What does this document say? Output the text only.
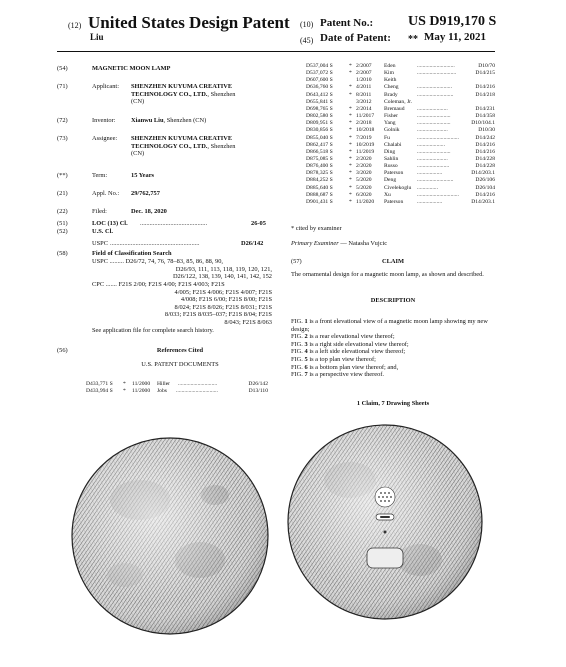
(12) United States Design Patent
Liu
(10) Patent No.: US D919,170 S
(45) Date of Patent: ** May 11, 2021
(54)	MAGNETIC MOON LAMP
(71)	Applicant: SHENZHEN KUYUMA CREATIVE
TECHNOLOGY CO., LTD., Shenzhen
(CN)
(72)	Inventor: Xianwu Liu, Shenzhen (CN)
(73)	Assignee: SHENZHEN KUYUMA CREATIVE
TECHNOLOGY CO., LTD., Shenzhen
(CN)
(**)	Term:	15 Years
(21)	Appl. No.: 29/762,757
(22)	Filed:	Dec. 18, 2020
(51)	LOC (13) Cl. ..........................................	26-05
(52)	U.S. Cl.
USPC ........................................................	D26/142
(58)	Field of Classification Search
USPC ......... D26/72, 74, 76, 78–83, 85, 86, 88, 90,
D26/93, 111, 113, 118, 119, 120, 121,
D26/122, 138, 139, 140, 141, 142, 152
CPC ....... F21S 2/00; F21S 4/00; F21S 4/003; F21S
4/005; F21S 4/006; F21S 4/007; F21S
4/008; F21S 6/00; F21S 8/00; F21S
8/024; F21S 8/026; F21S 8/031; F21S
8/033; F21S 8/035–037; F21S 8/04; F21S
8/043; F21S 8/063
See application file for complete search history.
(56)	References Cited
U.S. PATENT DOCUMENTS
D433,771 S * 11/2000 Hiller ............................	D26/142
D433,994 S * 11/2000 Jobs ..............................	D13/110
D537,004 S	* 2/2007 Eden	...........................	D10/70
D537,072 S	* 2/2007 Kim	............................	D14/215
D607,600 S	1/2010 Keith
D636,760 S	* 4/2011 Cheng	.........................	D14/216
D643,412 S	* 8/2011 Brady	..........................	D14/218
D655,841 S	3/2012 Coleman, Jr.
D698,765 S	* 2/2014 Bremaud ......................	D14/231
D802,580 S	* 11/2017 Fisher	........................	D14/358
D809,951 S	* 2/2018 Yang	........................	D10/104.1
D830,856 S	* 10/2018 Golnik	......................	D10/30
D855,040 S	* 7/2019 Fu	..............................	D14/242
D862,417 S	* 10/2019 Chalabi	....................	D14/216
D866,518 S	* 11/2019 Ding	........................	D14/216
D875,085 S	* 2/2020 Sahlin	......................	D14/228
D876,400 S	* 2/2020 Russo	.......................	D14/228
D878,325 S	* 3/2020 Paterson ..................	D14/203.1
D884,252 S	* 5/2020 Deng	..........................	D26/106
D885,640 S	* 5/2020 Civelekoglu ...............	D26/104
D888,687 S	* 6/2020 Xu	..............................	D14/216
D901,431 S	* 11/2020 Paterson ..................	D14/203.1
* cited by examiner
Primary Examiner — Natasha Vujcic
(57)	CLAIM
The ornamental design for a magnetic moon lamp, as shown and described.
DESCRIPTION
FIG. 1 is a front elevational view of a magnetic moon lamp showing my new design;
FIG. 2 is a rear elevational view thereof;
FIG. 3 is a right side elevational view thereof;
FIG. 4 is a left side elevational view thereof;
FIG. 5 is a top plan view thereof;
FIG. 6 is a bottom plan view thereof; and,
FIG. 7 is a perspective view thereof.
1 Claim, 7 Drawing Sheets
